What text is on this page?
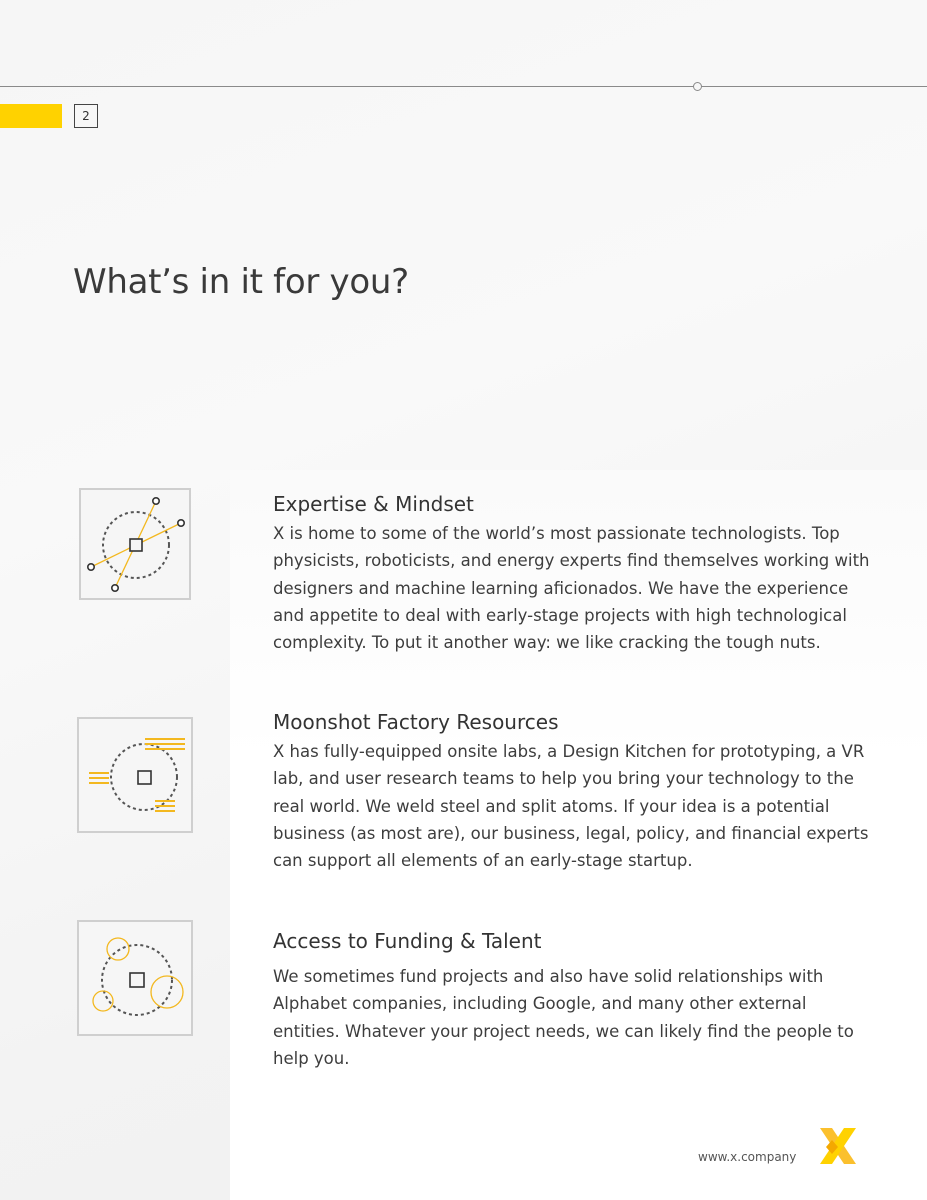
2
What’s in it for you?
Expertise & Mindset

X is home to some of the world’s most passionate technologists. Top physicists, roboticists, and energy experts find themselves working with designers and machine learning aficionados. We have the experience and appetite to deal with early-stage projects with high technological complexity. To put it another way: we like cracking the tough nuts.

Moonshot Factory Resources

X has fully-equipped onsite labs, a Design Kitchen for prototyping, a VR lab, and user research teams to help you bring your technology to the real world. We weld steel and split atoms. If your idea is a potential business (as most are), our business, legal, policy, and financial experts can support all elements of an early-stage startup.

Access to Funding & Talent

We sometimes fund projects and also have solid relationships with Alphabet companies, including Google, and many other external entities. Whatever your project needs, we can likely find the people to help you.

www.x.company
